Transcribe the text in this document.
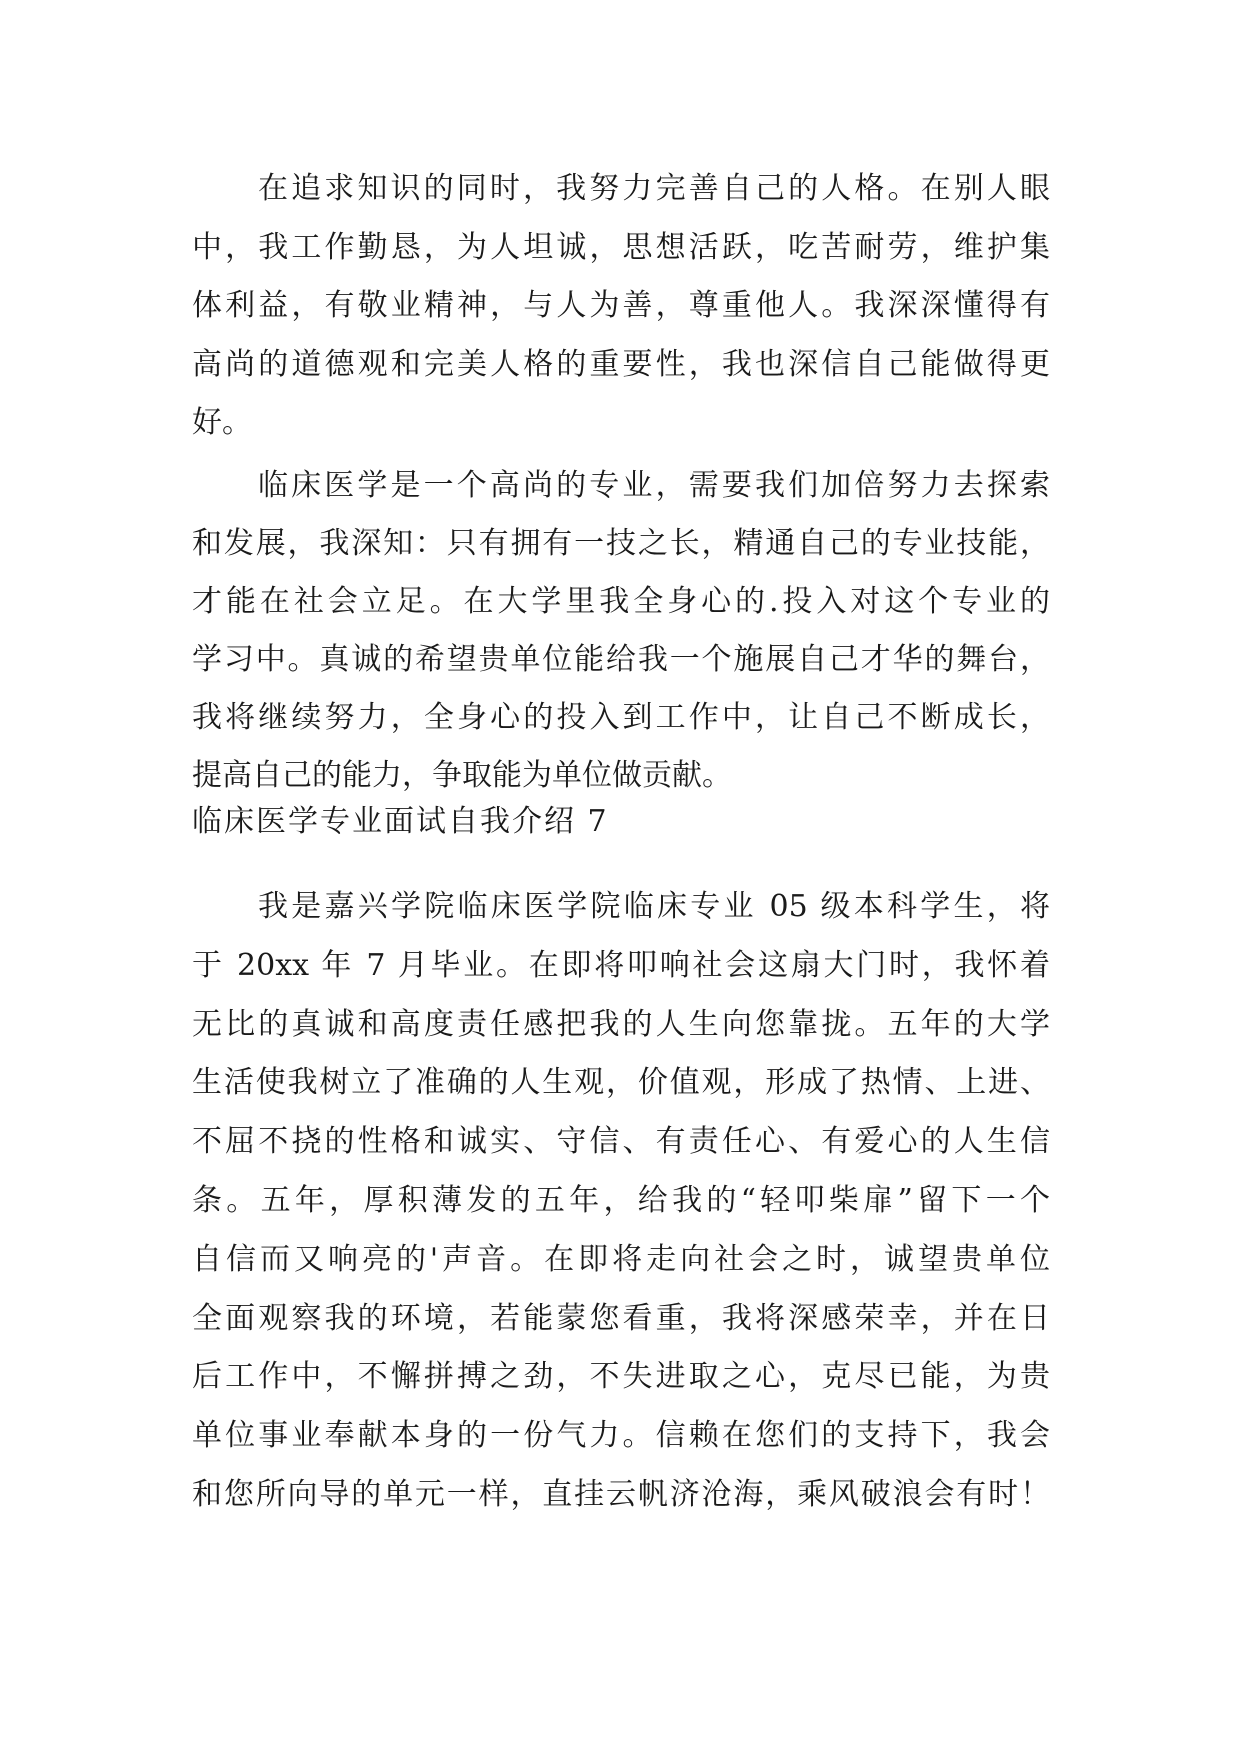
在追求知识的同时，我努力完善自己的人格。在别人眼
中，我工作勤恳，为人坦诚，思想活跃，吃苦耐劳，维护集
体利益，有敬业精神，与人为善，尊重他人。我深深懂得有
高尚的道德观和完美人格的重要性，我也深信自己能做得更
好。
临床医学是一个高尚的专业，需要我们加倍努力去探索
和发展，我深知：只有拥有一技之长，精通自己的专业技能，
才能在社会立足。在大学里我全身心的.投入对这个专业的
学习中。真诚的希望贵单位能给我一个施展自己才华的舞台，
我将继续努力，全身心的投入到工作中，让自己不断成长，
提高自己的能力，争取能为单位做贡献。
临床医学专业面试自我介绍 7
我是嘉兴学院临床医学院临床专业 05 级本科学生，将
于 20xx 年 7 月毕业。在即将叩响社会这扇大门时，我怀着
无比的真诚和高度责任感把我的人生向您靠拢。五年的大学
生活使我树立了准确的人生观，价值观，形成了热情、上进、
不屈不挠的性格和诚实、守信、有责任心、有爱心的人生信
条。五年，厚积薄发的五年，给我的“轻叩柴扉”留下一个
自信而又响亮的'声音。在即将走向社会之时，诚望贵单位
全面观察我的环境，若能蒙您看重，我将深感荣幸，并在日
后工作中，不懈拼搏之劲，不失进取之心，克尽已能，为贵
单位事业奉献本身的一份气力。信赖在您们的支持下，我会
和您所向导的单元一样，直挂云帆济沧海，乘风破浪会有时！
